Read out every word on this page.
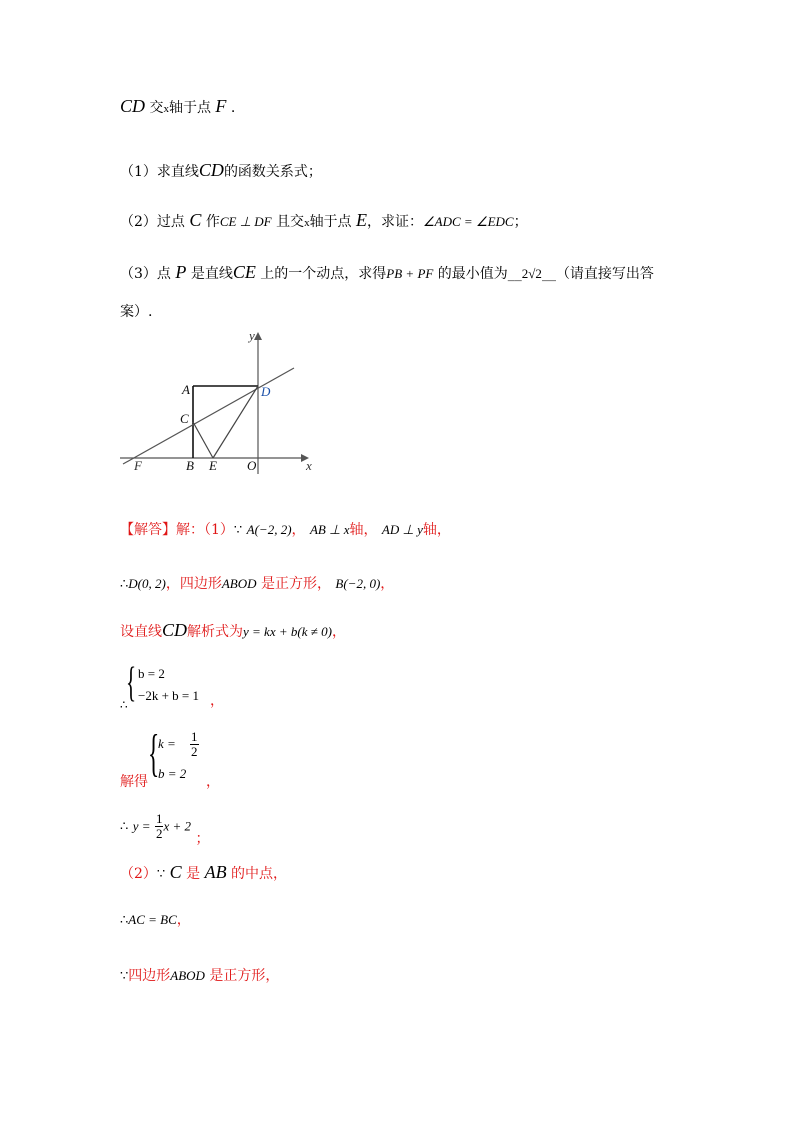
CD 交x轴于点 F .
（1）求直线CD的函数关系式；
（2）过点 C 作CE ⊥ DF 且交x轴于点 E，求证：∠ADC = ∠EDC；
（3）点 P 是直线CE 上的一个动点，求得PB + PF 的最小值为__2√2__（请直接写出答
案）.
y
A	D
C
F	B E O	x
【解答】解：（1）∵ A(−2, 2)， AB ⊥ x轴， AD ⊥ y轴，
∴D(0, 2)，四边形ABOD 是正方形， B(−2, 0)，
设直线CD解析式为y = kx + b(k ≠ 0)，
{ b = 2
−2k + b = 1
∴	，
{
$k = \frac{1}{2}$
b = 2
解得	，
∴ $y = \frac{1}{2}$ x + 2 ；
（2）∵ C 是 AB 的中点，
∴AC = BC，
∵四边形ABOD 是正方形，
